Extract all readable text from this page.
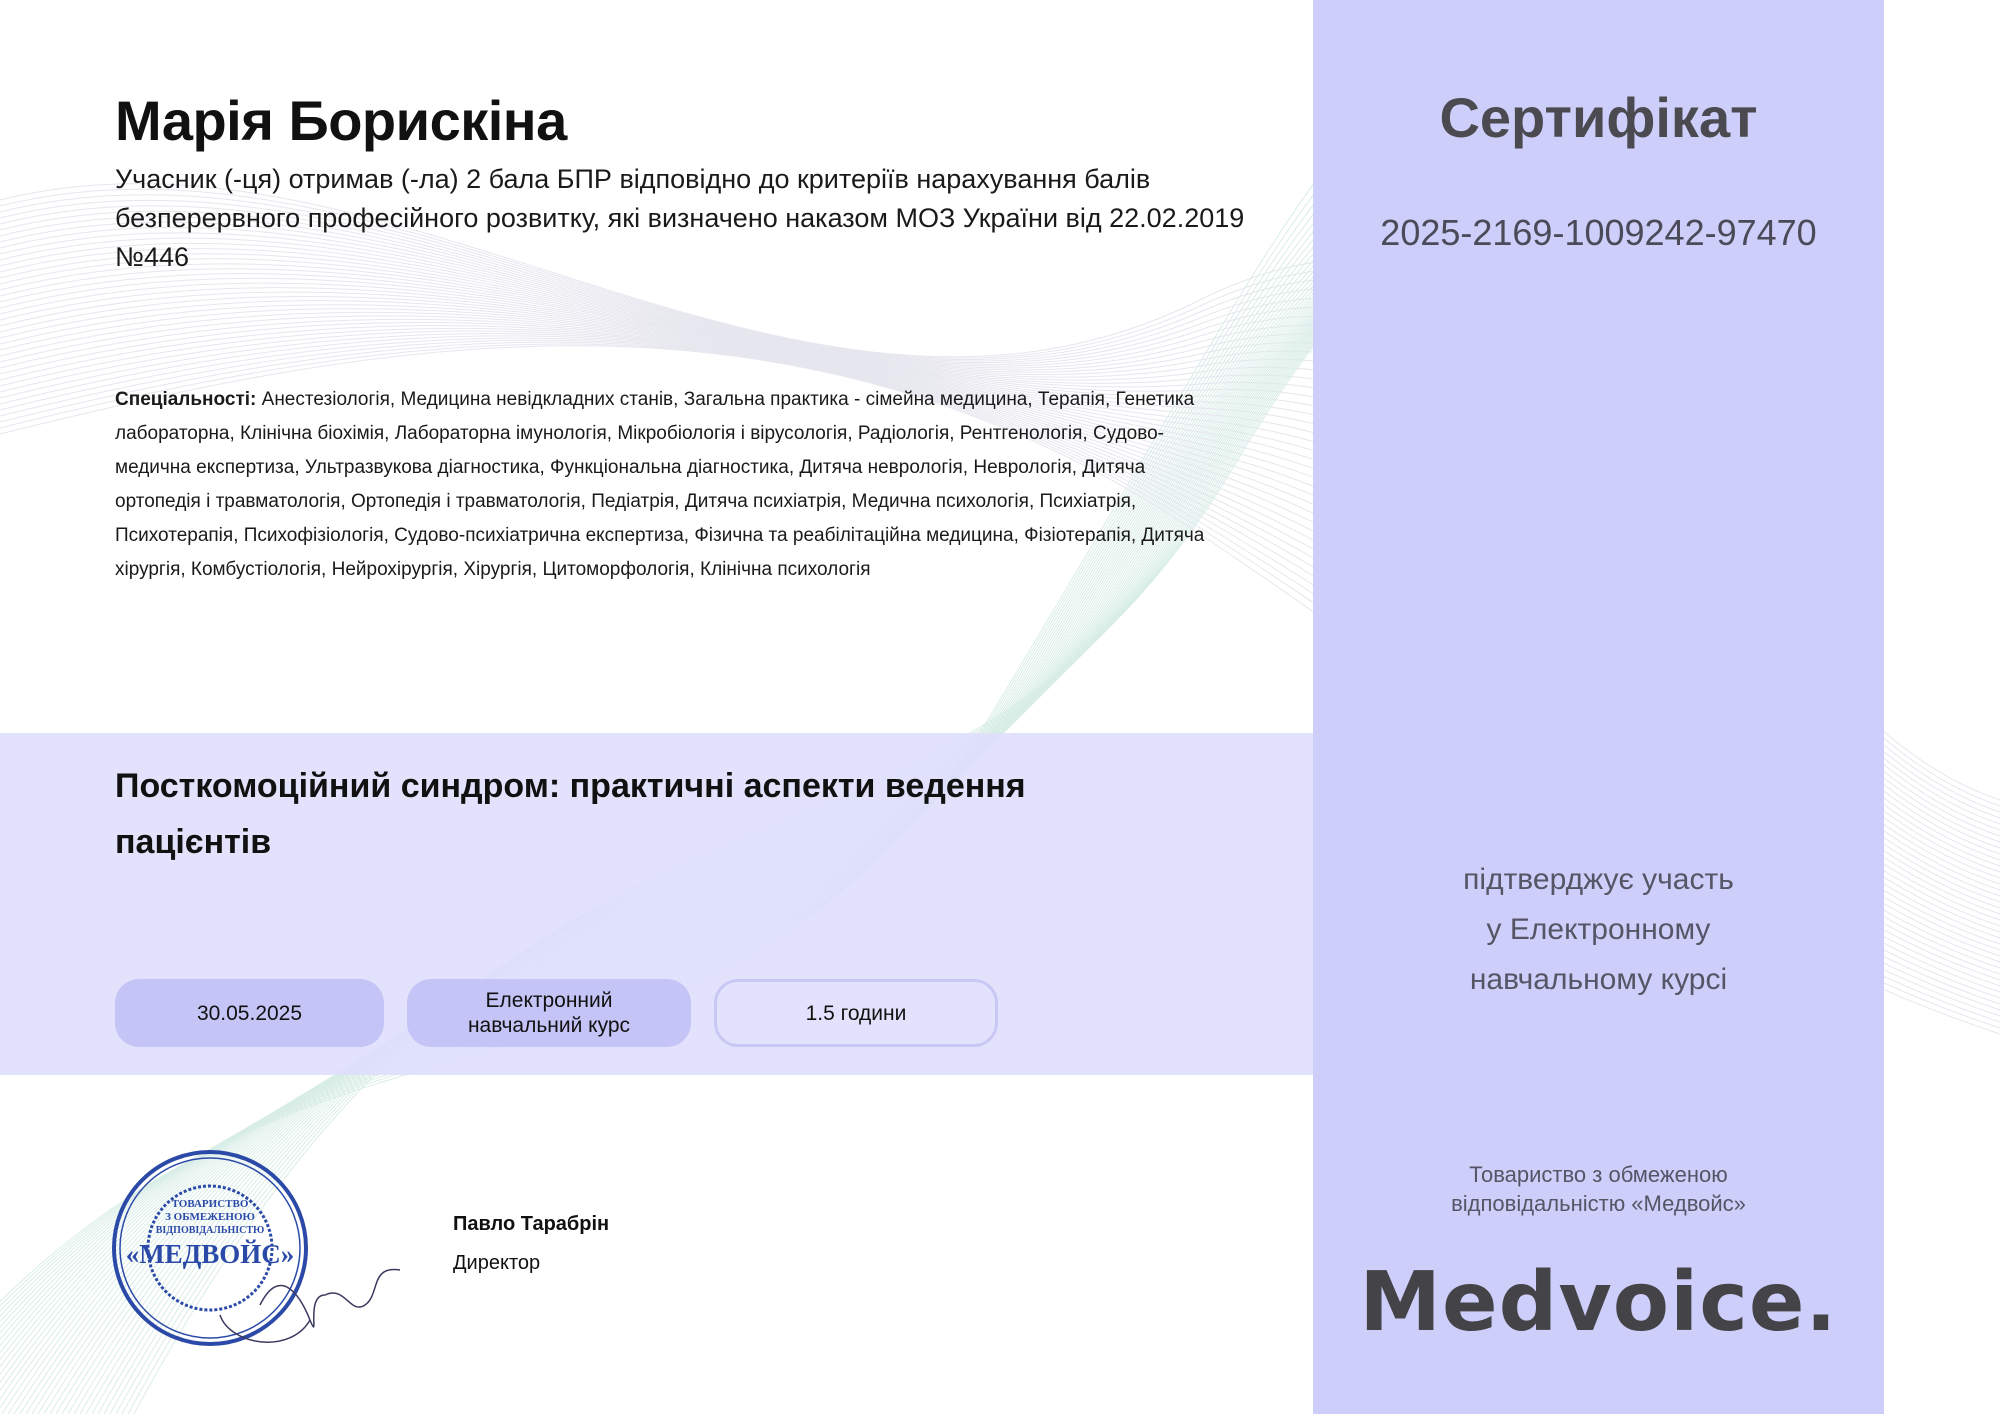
Марія Борискіна
Учасник (-ця) отримав (-ла) 2 бала БПР відповідно до критеріїв нарахування балів безперервного професійного розвитку, які визначено наказом МОЗ України від 22.02.2019 №446
Спеціальності: Анестезіологія, Медицина невідкладних станів, Загальна практика - сімейна медицина, Терапія, Генетика лабораторна, Клінічна біохімія, Лабораторна імунологія, Мікробіологія і вірусологія, Радіологія, Рентгенологія, Судово-медична експертиза, Ультразвукова діагностика, Функціональна діагностика, Дитяча неврологія, Неврологія, Дитяча ортопедія і травматологія, Ортопедія і травматологія, Педіатрія, Дитяча психіатрія, Медична психологія, Психіатрія, Психотерапія, Психофізіологія, Судово-психіатрична експертиза, Фізична та реабілітаційна медицина, Фізіотерапія, Дитяча хірургія, Комбустіологія, Нейрохірургія, Хірургія, Цитоморфологія, Клінічна психологія
Посткомоційний синдром: практичні аспекти ведення пацієнтів
30.05.2025
Електронний навчальний курс
1.5 години
Сертифікат
2025-2169-1009242-97470
підтверджує участь
у Електронному
навчальному курсі
Товариство з обмеженою
відповідальністю «Медвойс»
Medvoice.
ТОВАРИСТВО
З ОБМЕЖЕНОЮ
ВІДПОВІДАЛЬНІСТЮ
«МЕДВОЙС»
Павло Тарабрін
Директор
